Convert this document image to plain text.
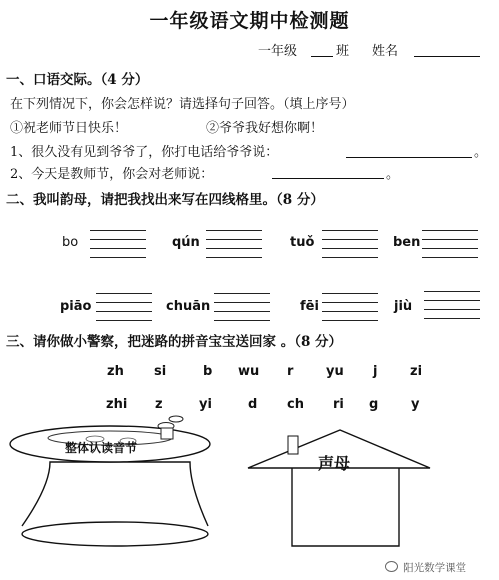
一年级语文期中检测题
一年级	班 姓名
一、口语交际。（4 分）
在下列情况下，你会怎样说？请选择句子回答。（填上序号）
①祝老师节日快乐！	②爷爷我好想你啊！
1、很久没有见到爷爷了，你打电话给爷爷说：	。
2、今天是教师节，你会对老师说：	。
二、我叫韵母，请把我找出来写在四线格里。（8 分）
bo	qún	tuǒ	ben
piāo	chuān	fēi	jiù
三、请你做小警察，把迷路的拼音宝宝送回家 。（8 分）
zh si	b wu r	yu j	zi
zhi z	yi	d ch ri g	y
整体认读音节
声母
阳光数学课堂
